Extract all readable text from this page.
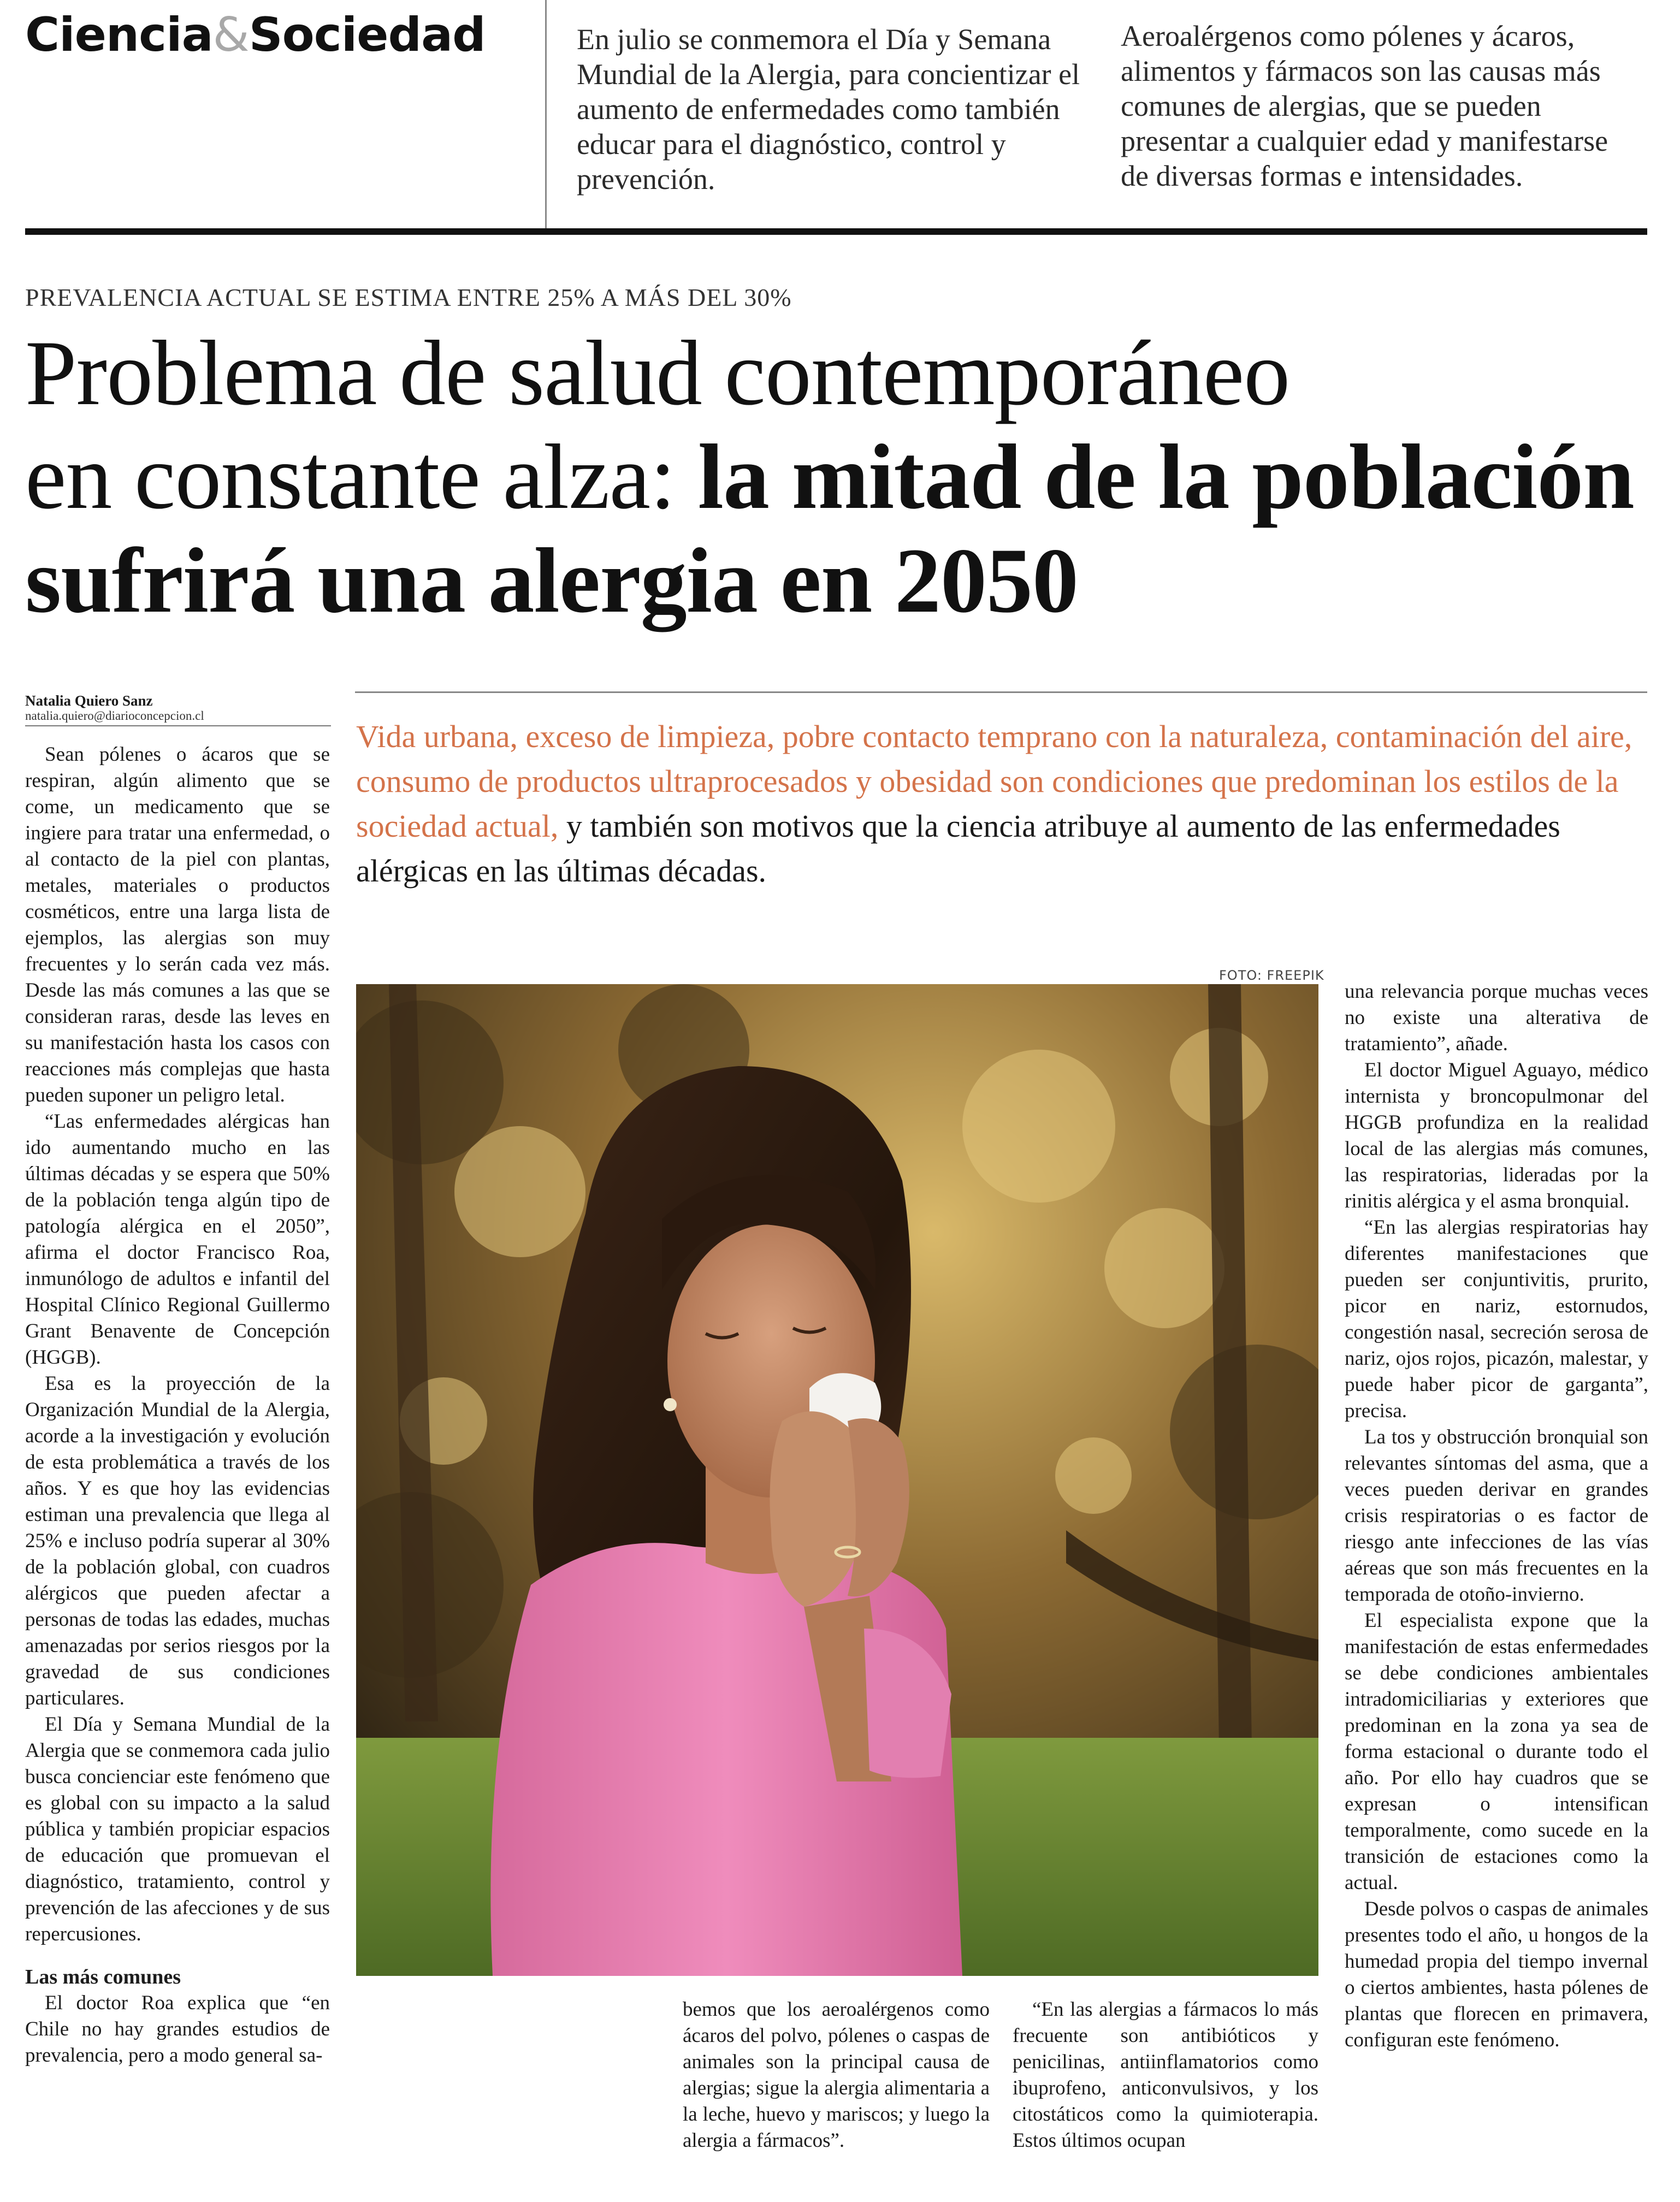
Ciencia&Sociedad	En julio se conmemora el Día y Semana Mundial de la Alergia, para concientizar el aumento de enfermedades como también educar para el diagnóstico, control y prevención.
Aeroalérgenos como pólenes y ácaros, alimentos y fármacos son las causas más comunes de alergias, que se pueden presentar a cualquier edad y manifestarse de diversas formas e intensidades.
PREVALENCIA ACTUAL SE ESTIMA ENTRE 25% A MÁS DEL 30%
Problema de salud contemporáneo
en constante alza: la mitad de la población sufrirá una alergia en 2050
Natalia Quiero Sanz
natalia.quiero@diarioconcepcion.cl
Vida urbana, exceso de limpieza, pobre contacto temprano con la naturaleza, contaminación del aire, consumo de productos ultraprocesados y obesidad son condiciones que predominan los estilos de la sociedad actual, y también son motivos que la ciencia atribuye al aumento de las enfermedades alérgicas en las últimas décadas.

Sean pólenes o ácaros que se respiran, algún alimento que se come, un medicamento que se ingiere para tratar una enfermedad, o al contacto de la piel con plantas, metales, materiales o productos cosméticos, entre una larga lista de ejemplos, las alergias son muy frecuentes y lo serán cada vez más. Desde las más comunes a las que se consideran raras, desde las leves en su manifestación hasta los casos con reacciones más complejas que hasta pueden suponer un peligro letal.

“Las enfermedades alérgicas han ido aumentando mucho en las últimas décadas y se espera que 50% de la población tenga algún tipo de patología alérgica en el 2050”, afirma el doctor Francisco Roa, inmunólogo de adultos e infantil del Hospital Clínico Regional Guillermo Grant Benavente de Concepción (HGGB).

Esa es la proyección de la Organización Mundial de la Alergia, acorde a la investigación y evolución de esta problemática a través de los años. Y es que hoy las evidencias estiman una prevalencia que llega al 25% e incluso podría superar al 30% de la población global, con cuadros alérgicos que pueden afectar a personas de todas las edades, muchas amenazadas por serios riesgos por la gravedad de sus condiciones particulares.

El Día y Semana Mundial de la Alergia que se conmemora cada julio busca concienciar este fenómeno que es global con su impacto a la salud pública y también propiciar espacios de educación que promuevan el diagnóstico, tratamiento, control y prevención de las afecciones y de sus repercusiones.

Las más comunes

El doctor Roa explica que “en Chile no hay grandes estudios de prevalencia, pero a modo general sa-

FOTO: FREEPIK

bemos que los aeroalérgenos como ácaros del polvo, pólenes o caspas de animales son la principal causa de alergias; sigue la alergia alimentaria a la leche, huevo y mariscos; y luego la alergia a fármacos”.

“En las alergias a fármacos lo más frecuente son antibióticos y penicilinas, antiinflamatorios como ibuprofeno, anticonvulsivos, y los citostáticos como la quimioterapia. Estos últimos ocupan

una relevancia porque muchas veces no existe una alterativa de tratamiento”, añade.

El doctor Miguel Aguayo, médico internista y broncopulmonar del HGGB profundiza en la realidad local de las alergias más comunes, las respiratorias, lideradas por la rinitis alérgica y el asma bronquial.

“En las alergias respiratorias hay diferentes manifestaciones que pueden ser conjuntivitis, prurito, picor en nariz, estornudos, congestión nasal, secreción serosa de nariz, ojos rojos, picazón, malestar, y puede haber picor de garganta”, precisa.

La tos y obstrucción bronquial son relevantes síntomas del asma, que a veces pueden derivar en grandes crisis respiratorias o es factor de riesgo ante infecciones de las vías aéreas que son más frecuentes en la temporada de otoño-invierno.

El especialista expone que la manifestación de estas enfermedades se debe condiciones ambientales intradomiciliarias y exteriores que predominan en la zona ya sea de forma estacional o durante todo el año. Por ello hay cuadros que se expresan o intensifican temporalmente, como sucede en la transición de estaciones como la actual.

Desde polvos o caspas de animales presentes todo el año, u hongos de la humedad propia del tiempo invernal o ciertos ambientes, hasta pólenes de plantas que florecen en primavera, configuran este fenómeno.
